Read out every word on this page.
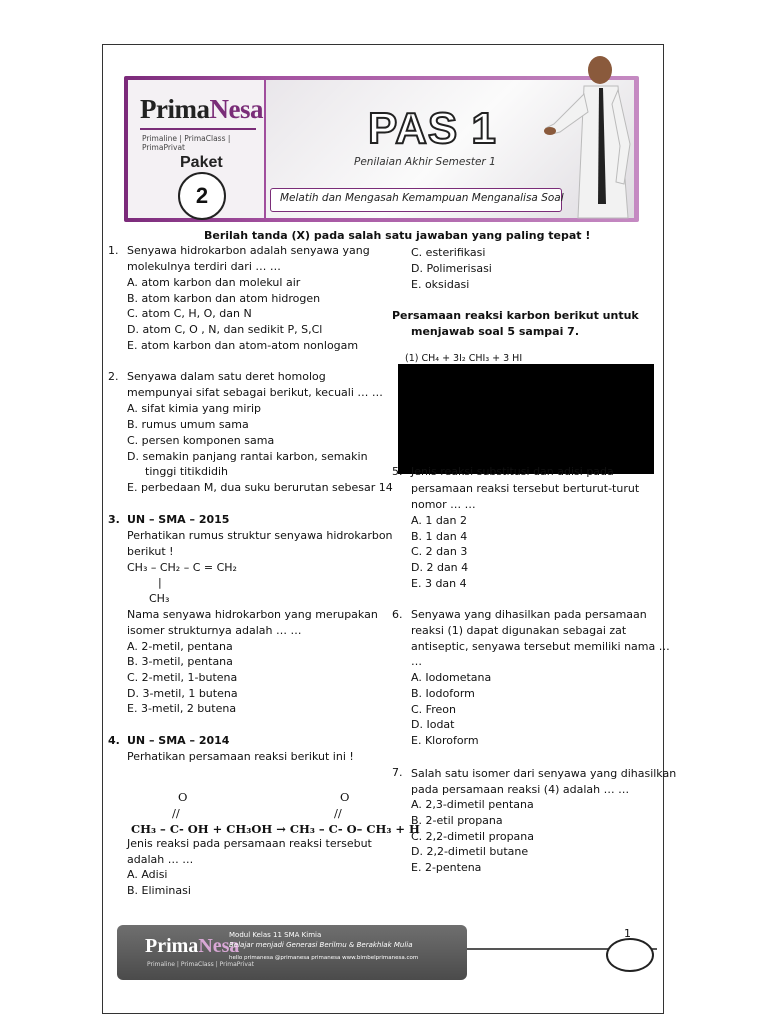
PrimaNesa
Primaline | PrimaClass | PrimaPrivat
Paket
2
PAS 1
Penilaian Akhir Semester 1
Melatih dan Mengasah Kemampuan Menganalisa Soal
Berilah tanda (X) pada salah satu jawaban yang paling tepat !
1. Senyawa hidrokarbon adalah senyawa yang
molekulnya terdiri dari … …
A. atom karbon dan molekul air
B. atom karbon dan atom hidrogen
C. atom C, H, O, dan N
D. atom C, O , N, dan sedikit P, S,Cl
E. atom karbon dan atom-atom nonlogam
2. Senyawa dalam satu deret homolog
mempunyai sifat sebagai berikut, kecuali … …
A. sifat kimia yang mirip
B. rumus umum sama
C. persen komponen sama
D. semakin panjang rantai karbon, semakin
tinggi titikdidih
E. perbedaan M, dua suku berurutan sebesar 14
3. UN – SMA – 2015
Perhatikan rumus struktur senyawa hidrokarbon
berikut !
CH₃ – CH₂ – C = CH₂
|
CH₃
Nama senyawa hidrokarbon yang merupakan
isomer strukturnya adalah … …
A. 2-metil, pentana
B. 3-metil, pentana
C. 2-metil, 1-butena
D. 3-metil, 1 butena
E. 3-metil, 2 butena
4. UN – SMA – 2014
Perhatikan persamaan reaksi berikut ini !
O	O
//	//
CH₃ – C- OH + CH₃OH → CH₃ – C- O– CH₃ + H
Jenis reaksi pada persamaan reaksi tersebut
adalah … …
A. Adisi
B. Eliminasi
C. esterifikasi
D. Polimerisasi
E. oksidasi
Persamaan reaksi karbon berikut untuk
menjawab soal 5 sampai 7.
(1) CH₄ + 3I₂ CHI₃ + 3 HI
5. Jenis reaksi substitusi dan adisi pada
persamaan reaksi tersebut berturut-turut
nomor … …
A. 1 dan 2
B. 1 dan 4
C. 2 dan 3
D. 2 dan 4
E. 3 dan 4
6. Senyawa yang dihasilkan pada persamaan
reaksi (1) dapat digunakan sebagai zat
antiseptic, senyawa tersebut memiliki nama …
…
A. Iodometana
B. Iodoform
C. Freon
D. Iodat
E. Kloroform
7. Salah satu isomer dari senyawa yang dihasilkan
pada persamaan reaksi (4) adalah … …
A. 2,3-dimetil pentana
B. 2-etil propana
C. 2,2-dimetil propana
D. 2,2-dimetil butane
E. 2-pentena
PrimaNesa
Primaline | PrimaClass | PrimaPrivat
Modul Kelas 11 SMA Kimia
Belajar menjadi Generasi Berilmu & Berakhlak Mulia
hello primanesa @primanesa primanesa www.bimbelprimanesa.com
1
